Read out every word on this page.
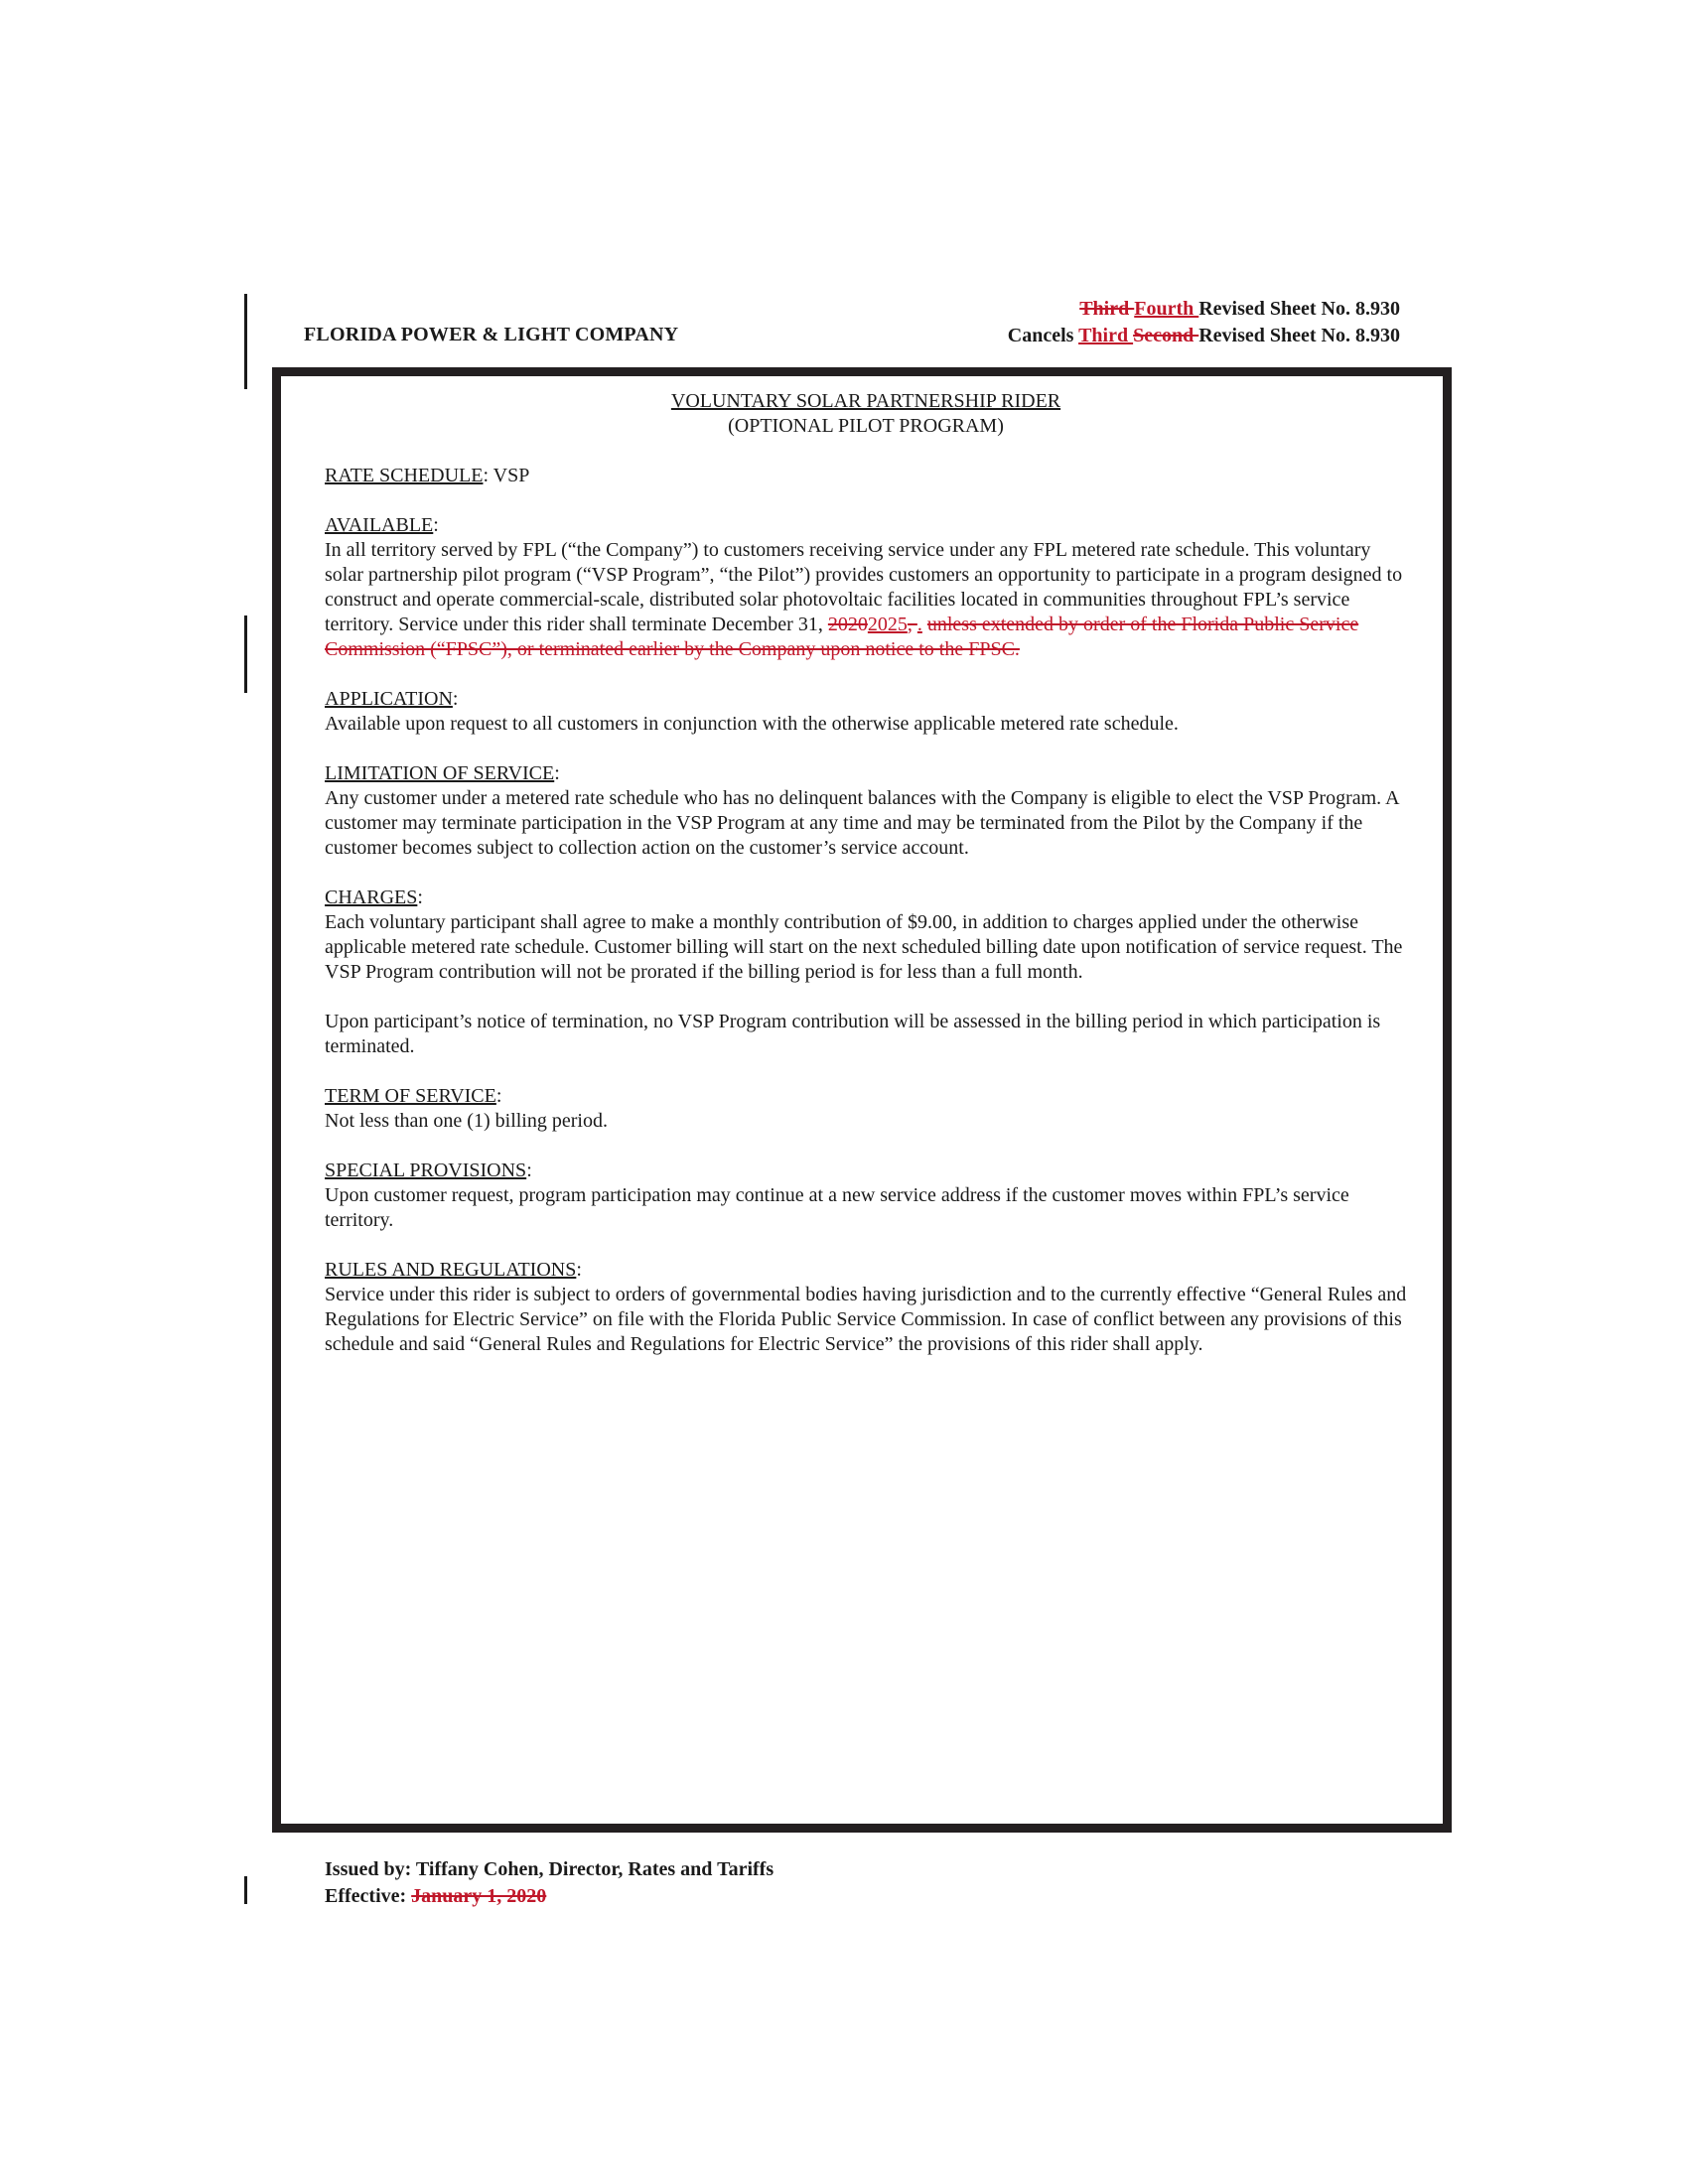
FLORIDA POWER & LIGHT COMPANY
Third Fourth Revised Sheet No. 8.930
Cancels Third Second Revised Sheet No. 8.930
VOLUNTARY SOLAR PARTNERSHIP RIDER
(OPTIONAL PILOT PROGRAM)

RATE SCHEDULE: VSP

AVAILABLE:

In all territory served by FPL (“the Company”) to customers receiving service under any FPL metered rate schedule. This voluntary solar partnership pilot program (“VSP Program”, “the Pilot”) provides customers an opportunity to participate in a program designed to construct and operate commercial-scale, distributed solar photovoltaic facilities located in communities throughout FPL’s service territory. Service under this rider shall terminate December 31, 20202025, . unless extended by order of the Florida Public Service Commission (“FPSC”), or terminated earlier by the Company upon notice to the FPSC.

APPLICATION:

Available upon request to all customers in conjunction with the otherwise applicable metered rate schedule.

LIMITATION OF SERVICE:

Any customer under a metered rate schedule who has no delinquent balances with the Company is eligible to elect the VSP Program. A customer may terminate participation in the VSP Program at any time and may be terminated from the Pilot by the Company if the customer becomes subject to collection action on the customer’s service account.

CHARGES:

Each voluntary participant shall agree to make a monthly contribution of $9.00, in addition to charges applied under the otherwise applicable metered rate schedule. Customer billing will start on the next scheduled billing date upon notification of service request. The VSP Program contribution will not be prorated if the billing period is for less than a full month.

Upon participant’s notice of termination, no VSP Program contribution will be assessed in the billing period in which participation is terminated.

TERM OF SERVICE:

Not less than one (1) billing period.

SPECIAL PROVISIONS:

Upon customer request, program participation may continue at a new service address if the customer moves within FPL’s service territory.

RULES AND REGULATIONS:

Service under this rider is subject to orders of governmental bodies having jurisdiction and to the currently effective “General Rules and Regulations for Electric Service” on file with the Florida Public Service Commission. In case of conflict between any provisions of this schedule and said “General Rules and Regulations for Electric Service” the provisions of this rider shall apply.

Issued by: Tiffany Cohen, Director, Rates and Tariffs
Effective: January 1, 2020
